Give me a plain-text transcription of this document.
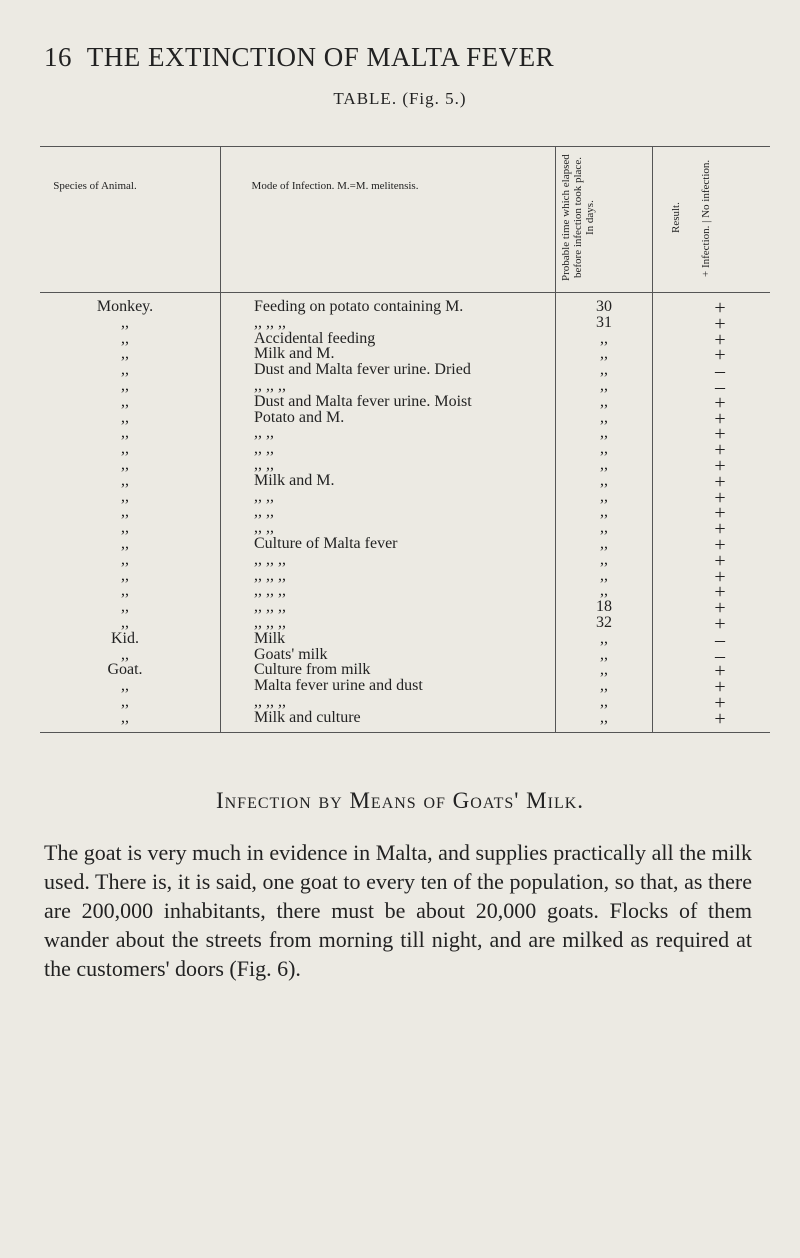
16 THE EXTINCTION OF MALTA FEVER
TABLE. (Fig. 5.)
Species of Animal.	Mode of Infection. M.=M. melitensis.	Probable time which elapsed before infection took place. In days.	Result.	+ Infection. | No infection.
Monkey.	Feeding on potato containing M.	30	+
,,	,, ,, ,,	31	+
,,	Accidental feeding	,,	+
,,	Milk and M.	,,	+
,,	Dust and Malta fever urine. Dried	,,	–
,,	,, ,, ,,	,,	–
,,	Dust and Malta fever urine. Moist	,,	+
,,	Potato and M.	,,	+
,,	,, ,,	,,	+
,,	,, ,,	,,	+
,,	,, ,,	,,	+
,,	Milk and M.	,,	+
,,	,, ,,	,,	+
,,	,, ,,	,,	+
,,	,, ,,	,,	+
,,	Culture of Malta fever	,,	+
,,	,, ,, ,,	,,	+
,,	,, ,, ,,	,,	+
,,	,, ,, ,,	,,	+
,,	,, ,, ,,	18	+
,,	,, ,, ,,	32	+
Kid.	Milk	,,	–
,,	Goats' milk	,,	–
Goat.	Culture from milk	,,	+
,,	Malta fever urine and dust	,,	+
,,	,, ,, ,,	,,	+
,,	Milk and culture	,,	+
Infection by Means of Goats' Milk.
The goat is very much in evidence in Malta, and supplies practically all the milk used. There is, it is said, one goat to every ten of the population, so that, as there are 200,000 inhabitants, there must be about 20,000 goats. Flocks of them wander about the streets from morning till night, and are milked as required at the customers' doors (Fig. 6).
